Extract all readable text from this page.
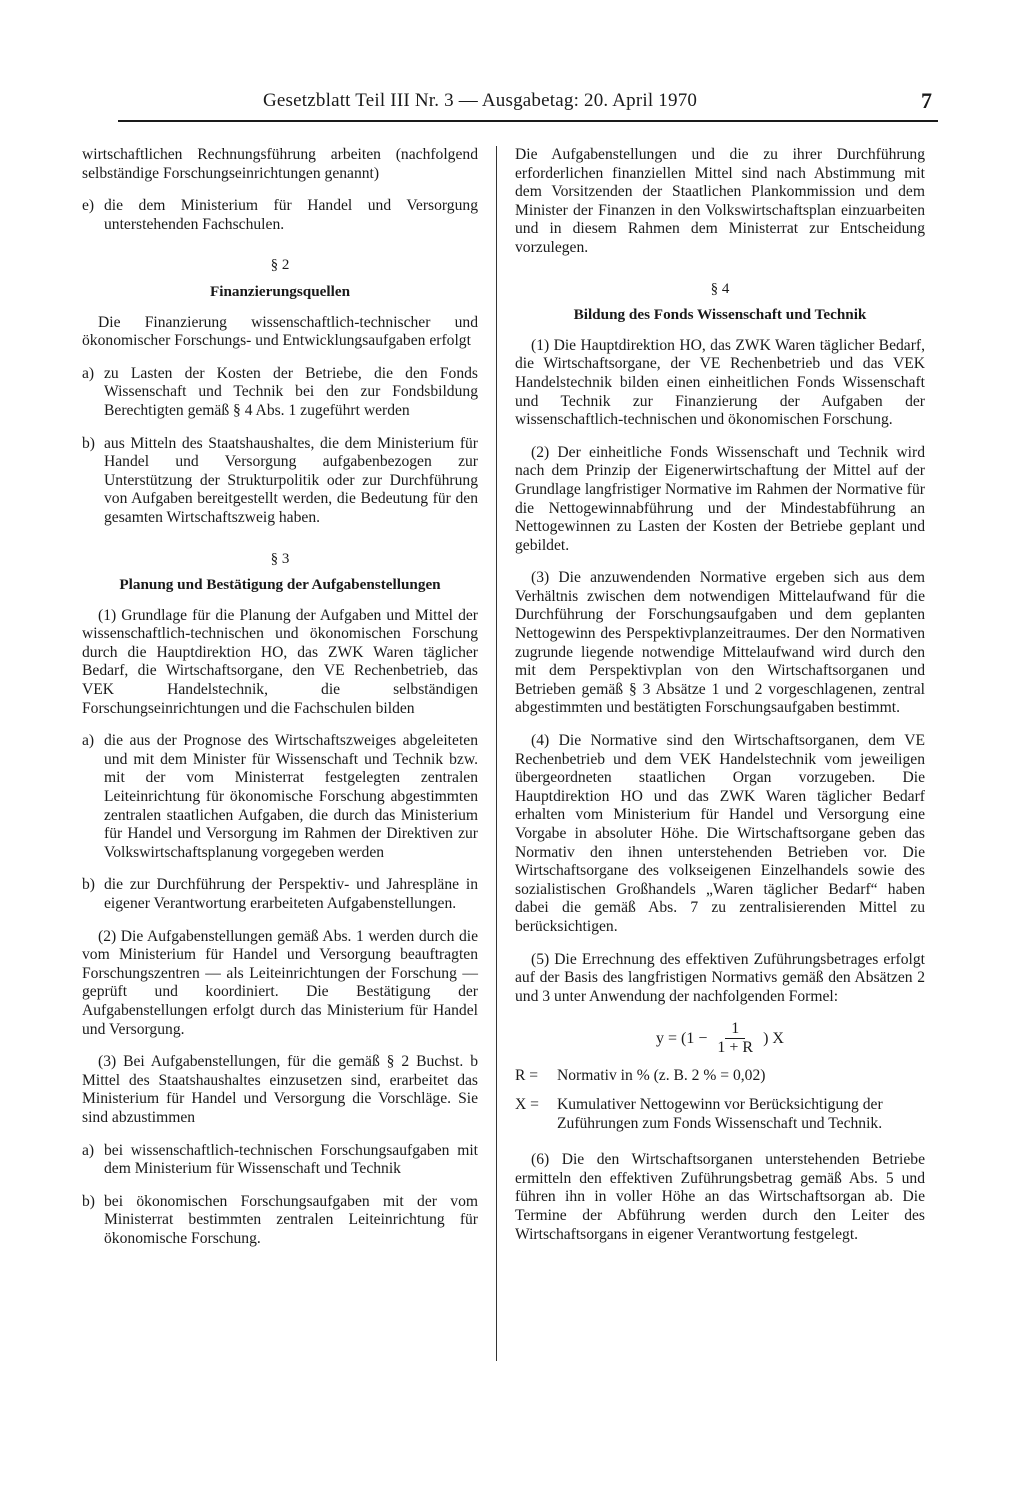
Gesetzblatt Teil III Nr. 3 — Ausgabetag: 20. April 1970	7

wirtschaftlichen Rechnungsführung arbeiten (nachfolgend selbständige Forschungseinrichtungen genannt)

e) die dem Ministerium für Handel und Versorgung unterstehenden Fachschulen.
§ 2
Finanzierungsquellen

Die Finanzierung wissenschaftlich-technischer und ökonomischer Forschungs- und Entwicklungsaufgaben erfolgt

a) zu Lasten der Kosten der Betriebe, die den Fonds Wissenschaft und Technik bei den zur Fondsbildung Berechtigten gemäß § 4 Abs. 1 zugeführt werden
b) aus Mitteln des Staatshaushaltes, die dem Ministerium für Handel und Versorgung aufgabenbezogen zur Unterstützung der Strukturpolitik oder zur Durchführung von Aufgaben bereitgestellt werden, die Bedeutung für den gesamten Wirtschaftszweig haben.
§ 3
Planung und Bestätigung der Aufgabenstellungen

(1) Grundlage für die Planung der Aufgaben und Mittel der wissenschaftlich-technischen und ökonomischen Forschung durch die Hauptdirektion HO, das ZWK Waren täglicher Bedarf, die Wirtschaftsorgane, den VE Rechenbetrieb, das VEK Handelstechnik, die selbständigen Forschungseinrichtungen und die Fachschulen bilden

a) die aus der Prognose des Wirtschaftszweiges abgeleiteten und mit dem Minister für Wissenschaft und Technik bzw. mit der vom Ministerrat festgelegten zentralen Leiteinrichtung für ökonomische Forschung abgestimmten zentralen staatlichen Aufgaben, die durch das Ministerium für Handel und Versorgung im Rahmen der Direktiven zur Volkswirtschaftsplanung vorgegeben werden
b) die zur Durchführung der Perspektiv- und Jahrespläne in eigener Verantwortung erarbeiteten Aufgabenstellungen.

(2) Die Aufgabenstellungen gemäß Abs. 1 werden durch die vom Ministerium für Handel und Versorgung beauftragten Forschungszentren — als Leiteinrichtungen der Forschung — geprüft und koordiniert. Die Bestätigung der Aufgabenstellungen erfolgt durch das Ministerium für Handel und Versorgung.

(3) Bei Aufgabenstellungen, für die gemäß § 2 Buchst. b Mittel des Staatshaushaltes einzusetzen sind, erarbeitet das Ministerium für Handel und Versorgung die Vorschläge. Sie sind abzustimmen

a) bei wissenschaftlich-technischen Forschungsaufgaben mit dem Ministerium für Wissenschaft und Technik
b) bei ökonomischen Forschungsaufgaben mit der vom Ministerrat bestimmten zentralen Leiteinrichtung für ökonomische Forschung.

Die Aufgabenstellungen und die zu ihrer Durchführung erforderlichen finanziellen Mittel sind nach Abstimmung mit dem Vorsitzenden der Staatlichen Plankommission und dem Minister der Finanzen in den Volkswirtschaftsplan einzuarbeiten und in diesem Rahmen dem Ministerrat zur Entscheidung vorzulegen.

§ 4
Bildung des Fonds Wissenschaft und Technik

(1) Die Hauptdirektion HO, das ZWK Waren täglicher Bedarf, die Wirtschaftsorgane, der VE Rechenbetrieb und das VEK Handelstechnik bilden einen einheitlichen Fonds Wissenschaft und Technik zur Finanzierung der Aufgaben der wissenschaftlich-technischen und ökonomischen Forschung.

(2) Der einheitliche Fonds Wissenschaft und Technik wird nach dem Prinzip der Eigenerwirtschaftung der Mittel auf der Grundlage langfristiger Normative im Rahmen der Normative für die Nettogewinnabführung und der Mindestabführung an Nettogewinnen zu Lasten der Kosten der Betriebe geplant und gebildet.

(3) Die anzuwendenden Normative ergeben sich aus dem Verhältnis zwischen dem notwendigen Mittelaufwand für die Durchführung der Forschungsaufgaben und dem geplanten Nettogewinn des Perspektivplanzeitraumes. Der den Normativen zugrunde liegende notwendige Mittelaufwand wird durch den mit dem Perspektivplan von den Wirtschaftsorganen und Betrieben gemäß § 3 Absätze 1 und 2 vorgeschlagenen, zentral abgestimmten und bestätigten Forschungsaufgaben bestimmt.

(4) Die Normative sind den Wirtschaftsorganen, dem VE Rechenbetrieb und dem VEK Handelstechnik vom jeweiligen übergeordneten staatlichen Organ vorzugeben. Die Hauptdirektion HO und das ZWK Waren täglicher Bedarf erhalten vom Ministerium für Handel und Versorgung eine Vorgabe in absoluter Höhe. Die Wirtschaftsorgane geben das Normativ den ihnen unterstehenden Betrieben vor. Die Wirtschaftsorgane des volkseigenen Einzelhandels sowie des sozialistischen Großhandels „Waren täglicher Bedarf“ haben dabei die gemäß Abs. 7 zu zentralisierenden Mittel zu berücksichtigen.

(5) Die Errechnung des effektiven Zuführungsbetrages erfolgt auf der Basis des langfristigen Normativs gemäß den Absätzen 2 und 3 unter Anwendung der nachfolgenden Formel:

$y = (1 - \frac{1}{1 + R}$ ) X
R =	Normativ in % (z. B. 2 % = 0,02)
X =	Kumulativer Nettogewinn vor Berücksichtigung der Zuführungen zum Fonds Wissenschaft und Technik.

(6) Die den Wirtschaftsorganen unterstehenden Betriebe ermitteln den effektiven Zuführungsbetrag gemäß Abs. 5 und führen ihn in voller Höhe an das Wirtschaftsorgan ab. Die Termine der Abführung werden durch den Leiter des Wirtschaftsorgans in eigener Verantwortung festgelegt.
